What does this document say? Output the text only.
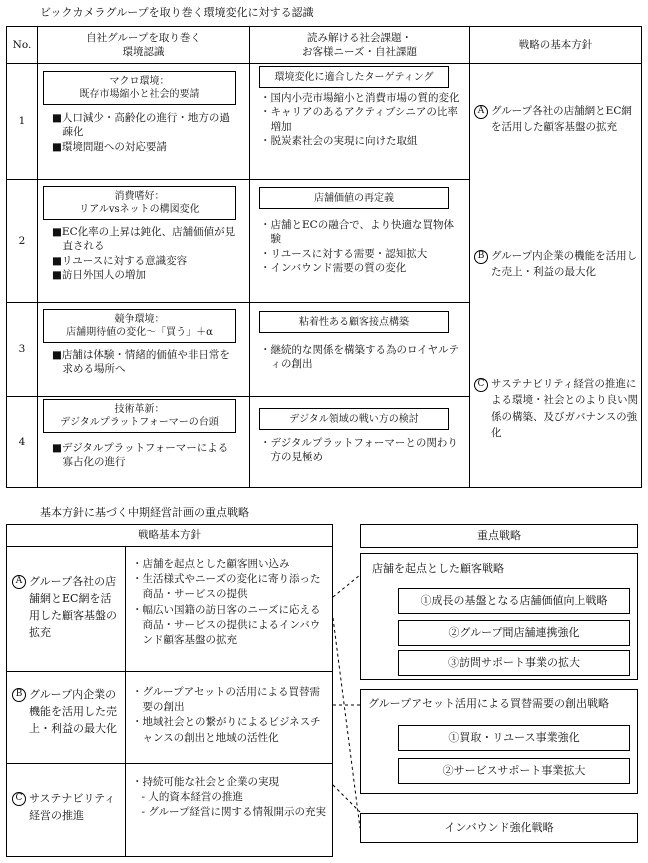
ビックカメラグループを取り巻く環境変化に対する認識
No.
自社グループを取り巻く
環境認識
読み解ける社会課題・
お客様ニーズ・自社課題
戦略の基本方針
1
2
3
4
マクロ環境：
既存市場縮小と社会的要請
■人口減少・高齢化の進行・地方の過疎化
■環境問題への対応要請
環境変化に適合したターゲティング
・国内小売市場縮小と消費市場の質的変化
・キャリアのあるアクティブシニアの比率増加
・脱炭素社会の実現に向けた取組
消費嗜好：
リアルvsネットの構図変化
■EC化率の上昇は鈍化、店舗価値が見直される
■リユースに対する意識変容
■訪日外国人の増加
店舗価値の再定義
・店舗とECの融合で、より快適な買物体験
・リユースに対する需要・認知拡大
・インバウンド需要の質の変化
競争環境：
店舗期待値の変化～「買う」＋α
■店舗は体験・情緒的価値や非日常を求める場所へ
粘着性ある顧客接点構築
・継続的な関係を構築する為のロイヤルティの創出
技術革新：
デジタルプラットフォーマーの台頭
■デジタルプラットフォーマーによる寡占化の進行
デジタル領域の戦い方の検討
・デジタルプラットフォーマーとの関わり方の見極め
A グループ各社の店舗網とEC網を活用した顧客基盤の拡充
B グループ内企業の機能を活用した売上・利益の最大化
C サステナビリティ経営の推進による環境・社会とのより良い関係の構築、及びガバナンスの強化
基本方針に基づく中期経営計画の重点戦略
戦略基本方針
A グループ各社の店舗網とEC網を活用した顧客基盤の拡充
・店舗を起点とした顧客囲い込み
・生活様式やニーズの変化に寄り添った商品・サービスの提供
・幅広い国籍の訪日客のニーズに応える商品・サービスの提供によるインバウンド顧客基盤の拡充
B グループ内企業の機能を活用した売上・利益の最大化
・グループアセットの活用による買替需要の創出
・地域社会との繋がりによるビジネスチャンスの創出と地域の活性化
C サステナビリティ経営の推進
・持続可能な社会と企業の実現
- 人的資本経営の推進
- グループ経営に関する情報開示の充実
重点戦略
店舗を起点とした顧客戦略
①成長の基盤となる店舗価値向上戦略
②グループ間店舗連携強化
③訪問サポート事業の拡大
グループアセット活用による買替需要の創出戦略
①買取・リユース事業強化
②サービスサポート事業拡大
インバウンド強化戦略
